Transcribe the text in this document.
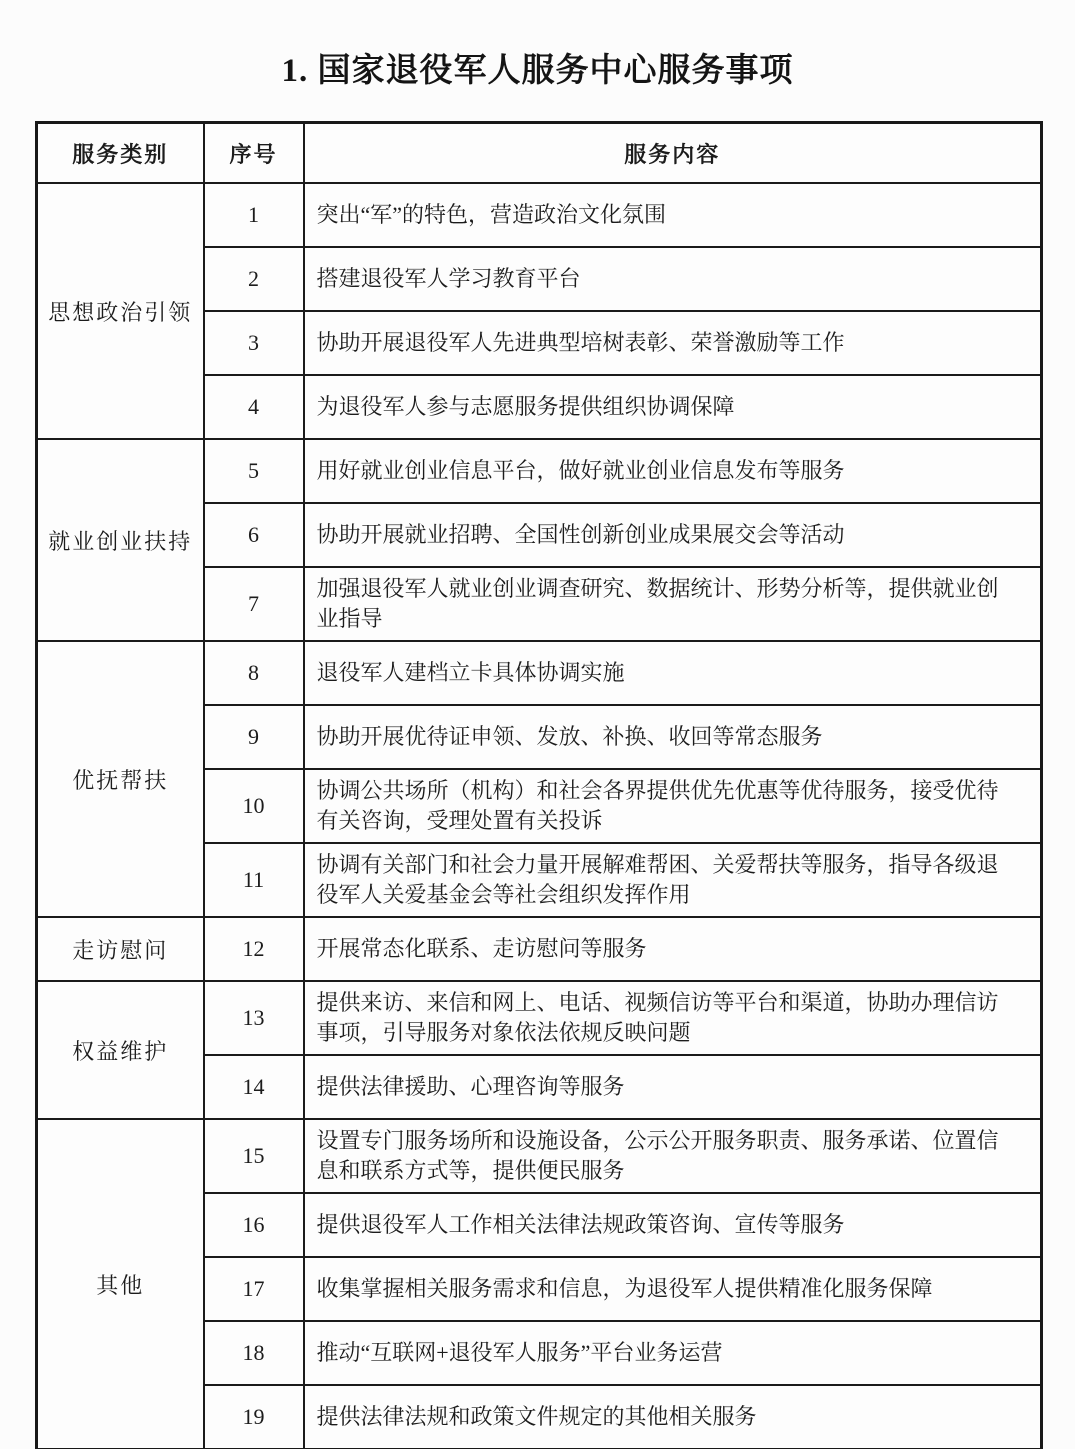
1. 国家退役军人服务中心服务事项
服务类别	序号	服务内容
思想政治引领	1	突出“军”的特色，营造政治文化氛围
	2	搭建退役军人学习教育平台
	3	协助开展退役军人先进典型培树表彰、荣誉激励等工作
	4	为退役军人参与志愿服务提供组织协调保障
就业创业扶持	5	用好就业创业信息平台，做好就业创业信息发布等服务
	6	协助开展就业招聘、全国性创新创业成果展交会等活动
	7	加强退役军人就业创业调查研究、数据统计、形势分析等，提供就业创业指导
优抚帮扶	8	退役军人建档立卡具体协调实施
	9	协助开展优待证申领、发放、补换、收回等常态服务
	10	协调公共场所（机构）和社会各界提供优先优惠等优待服务，接受优待有关咨询，受理处置有关投诉
	11	协调有关部门和社会力量开展解难帮困、关爱帮扶等服务，指导各级退役军人关爱基金会等社会组织发挥作用
走访慰问	12	开展常态化联系、走访慰问等服务
权益维护	13	提供来访、来信和网上、电话、视频信访等平台和渠道，协助办理信访事项，引导服务对象依法依规反映问题
	14	提供法律援助、心理咨询等服务
其他	15	设置专门服务场所和设施设备，公示公开服务职责、服务承诺、位置信息和联系方式等，提供便民服务
	16	提供退役军人工作相关法律法规政策咨询、宣传等服务
	17	收集掌握相关服务需求和信息，为退役军人提供精准化服务保障
	18	推动“互联网+退役军人服务”平台业务运营
	19	提供法律法规和政策文件规定的其他相关服务
